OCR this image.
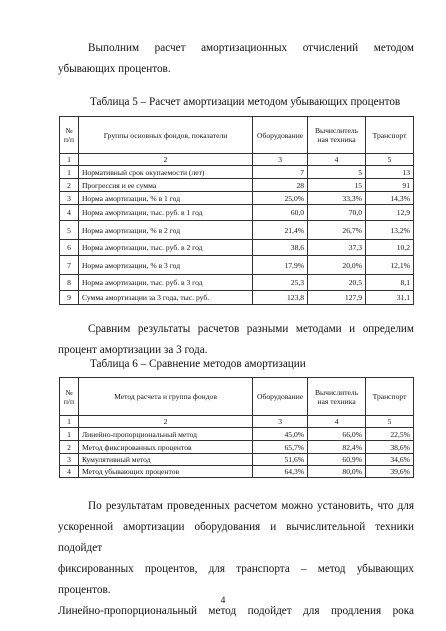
Выполним расчет амортизационных отчислений методом убывающих процентов.
Таблица 5 – Расчет амортизации методом убывающих процентов
№ п/п	Группы основных фондов, показатели	Оборудование	Вычислитель ная техника	Транспорт
1	2	3	4	5
1	Нормативный срок окупаемости (лет)	7	5	13
2	Прогрессия и ее сумма	28	15	91
3	Норма амортизации, % в 1 год	25,0%	33,3%	14,3%
4	Норма амортизации, тыс. руб. в 1 год	60,0	70,0	12,9
5	Норма амортизации, % в 2 год	21,4%	26,7%	13,2%
6	Норма амортизации, тыс. руб. в 2 год	38,6	37,3	10,2
7	Норма амортизации, % в 3 год	17,9%	20,0%	12,1%
8	Норма амортизации, тыс. руб. в 3 год	25,3	20,5	8,1
9	Сумма амортизации за 3 года, тыс. руб.	123,8	127,9	31,1
Сравним результаты расчетов разными методами и определим процент амортизации за 3 года.
Таблица 6 – Сравнение методов амортизации
№ п/п	Метод расчета и группа фондов	Оборудование	Вычислитель ная техника	Транспорт
1	2	3	4	5
1	Линейно-пропорциональный метод	45,0%	66,0%	22,5%
2	Метод фиксированных процентов	65,7%	82,4%	38,6%
3	Кумулятивный метод	51,6%	60,9%	34,6%
4	Метод убывающих процентов	64,3%	80,0%	39,6%
По результатам проведенных расчетом можно установить, что для
ускоренной амортизации оборудования и вычислительной техники подойдет
фиксированных процентов, для транспорта – метод убывающих процентов.
Линейно-пропорциональный метод подойдет для продления рока
4
